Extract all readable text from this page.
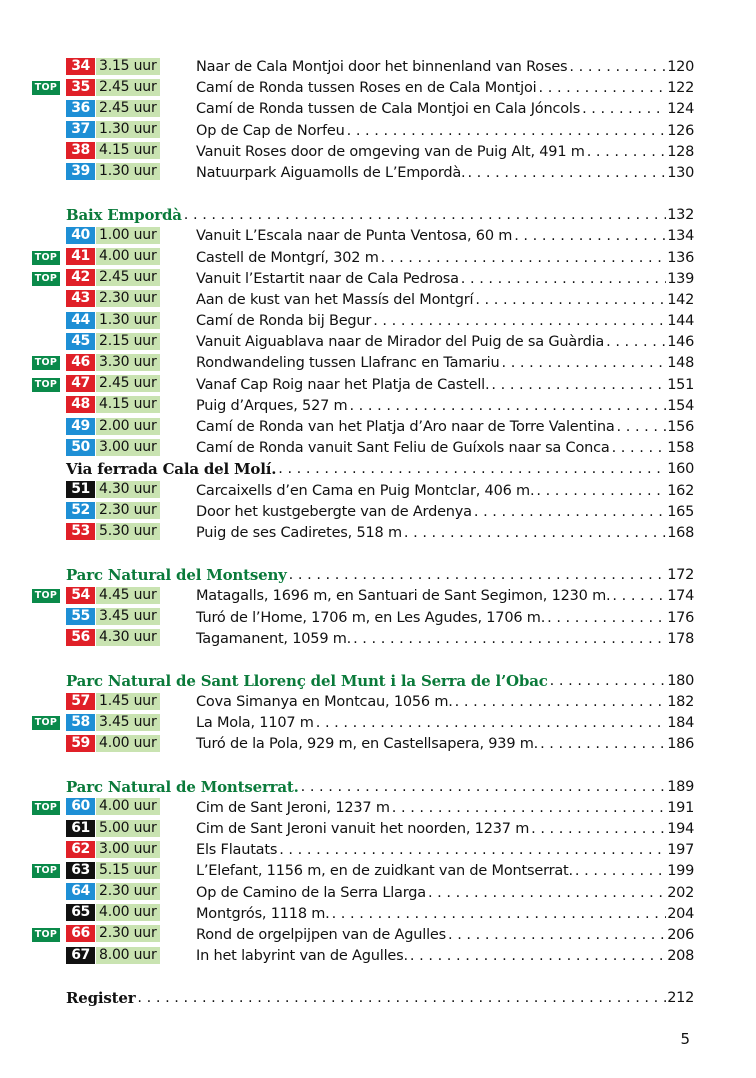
34 3.15 uur	Naar de Cala Montjoi door het binnenland van Roses . . .	120
TOP 35 2.45 uur	Camí de Ronda tussen Roses en de Cala Montjoi . . .	122
36 2.45 uur	Camí de Ronda tussen de Cala Montjoi en Cala Jóncols . . .	124
37 1.30 uur	Op de Cap de Norfeu . . .	126
38 4.15 uur	Vanuit Roses door de omgeving van de Puig Alt, 491 m . . .	128
39 1.30 uur	Natuurpark Aiguamolls de L’Empordà. . . .	130
Baix Empordà . . .	132
40 1.00 uur	Vanuit L’Escala naar de Punta Ventosa, 60 m . . .	134
TOP 41 4.00 uur	Castell de Montgrí, 302 m . . .	136
TOP 42 2.45 uur	Vanuit l’Estartit naar de Cala Pedrosa . . .	139
43 2.30 uur	Aan de kust van het Massís del Montgrí . . .	142
44 1.30 uur	Camí de Ronda bij Begur . . .	144
45 2.15 uur	Vanuit Aiguablava naar de Mirador del Puig de sa Guàrdia . . .	146
TOP 46 3.30 uur	Rondwandeling tussen Llafranc en Tamariu . . .	148
TOP 47 2.45 uur	Vanaf Cap Roig naar het Platja de Castell. . . .	151
48 4.15 uur	Puig d’Arques, 527 m . . .	154
49 2.00 uur	Camí de Ronda van het Platja d’Aro naar de Torre Valentina . . .	156
50 3.00 uur	Camí de Ronda vanuit Sant Feliu de Guíxols naar sa Conca . . .	158
Via ferrada Cala del Molí. . . .	160
51 4.30 uur	Carcaixells d’en Cama en Puig Montclar, 406 m. . . .	162
52 2.30 uur	Door het kustgebergte van de Ardenya . . .	165
53 5.30 uur	Puig de ses Cadiretes, 518 m . . .	168
Parc Natural del Montseny . . .	172
TOP 54 4.45 uur	Matagalls, 1696 m, en Santuari de Sant Segimon, 1230 m. . . .	174
55 3.45 uur	Turó de l’Home, 1706 m, en Les Agudes, 1706 m. . . .	176
56 4.30 uur	Tagamanent, 1059 m. . . .	178
Parc Natural de Sant Llorenç del Munt i la Serra de l’Obac . . .	180
57 1.45 uur	Cova Simanya en Montcau, 1056 m. . . .	182
TOP 58 3.45 uur	La Mola, 1107 m . . .	184
59 4.00 uur	Turó de la Pola, 929 m, en Castellsapera, 939 m. . . .	186
Parc Natural de Montserrat. . . .	189
TOP 60 4.00 uur	Cim de Sant Jeroni, 1237 m . . .	191
61 5.00 uur	Cim de Sant Jeroni vanuit het noorden, 1237 m . . .	194
62 3.00 uur	Els Flautats . . .	197
TOP 63 5.15 uur	L’Elefant, 1156 m, en de zuidkant van de Montserrat. . . .	199
64 2.30 uur	Op de Camino de la Serra Llarga . . .	202
65 4.00 uur	Montgrós, 1118 m. . . .	204
TOP 66 2.30 uur	Rond de orgelpijpen van de Agulles . . .	206
67 8.00 uur	In het labyrint van de Agulles. . . .	208
Register . . .	212
5
